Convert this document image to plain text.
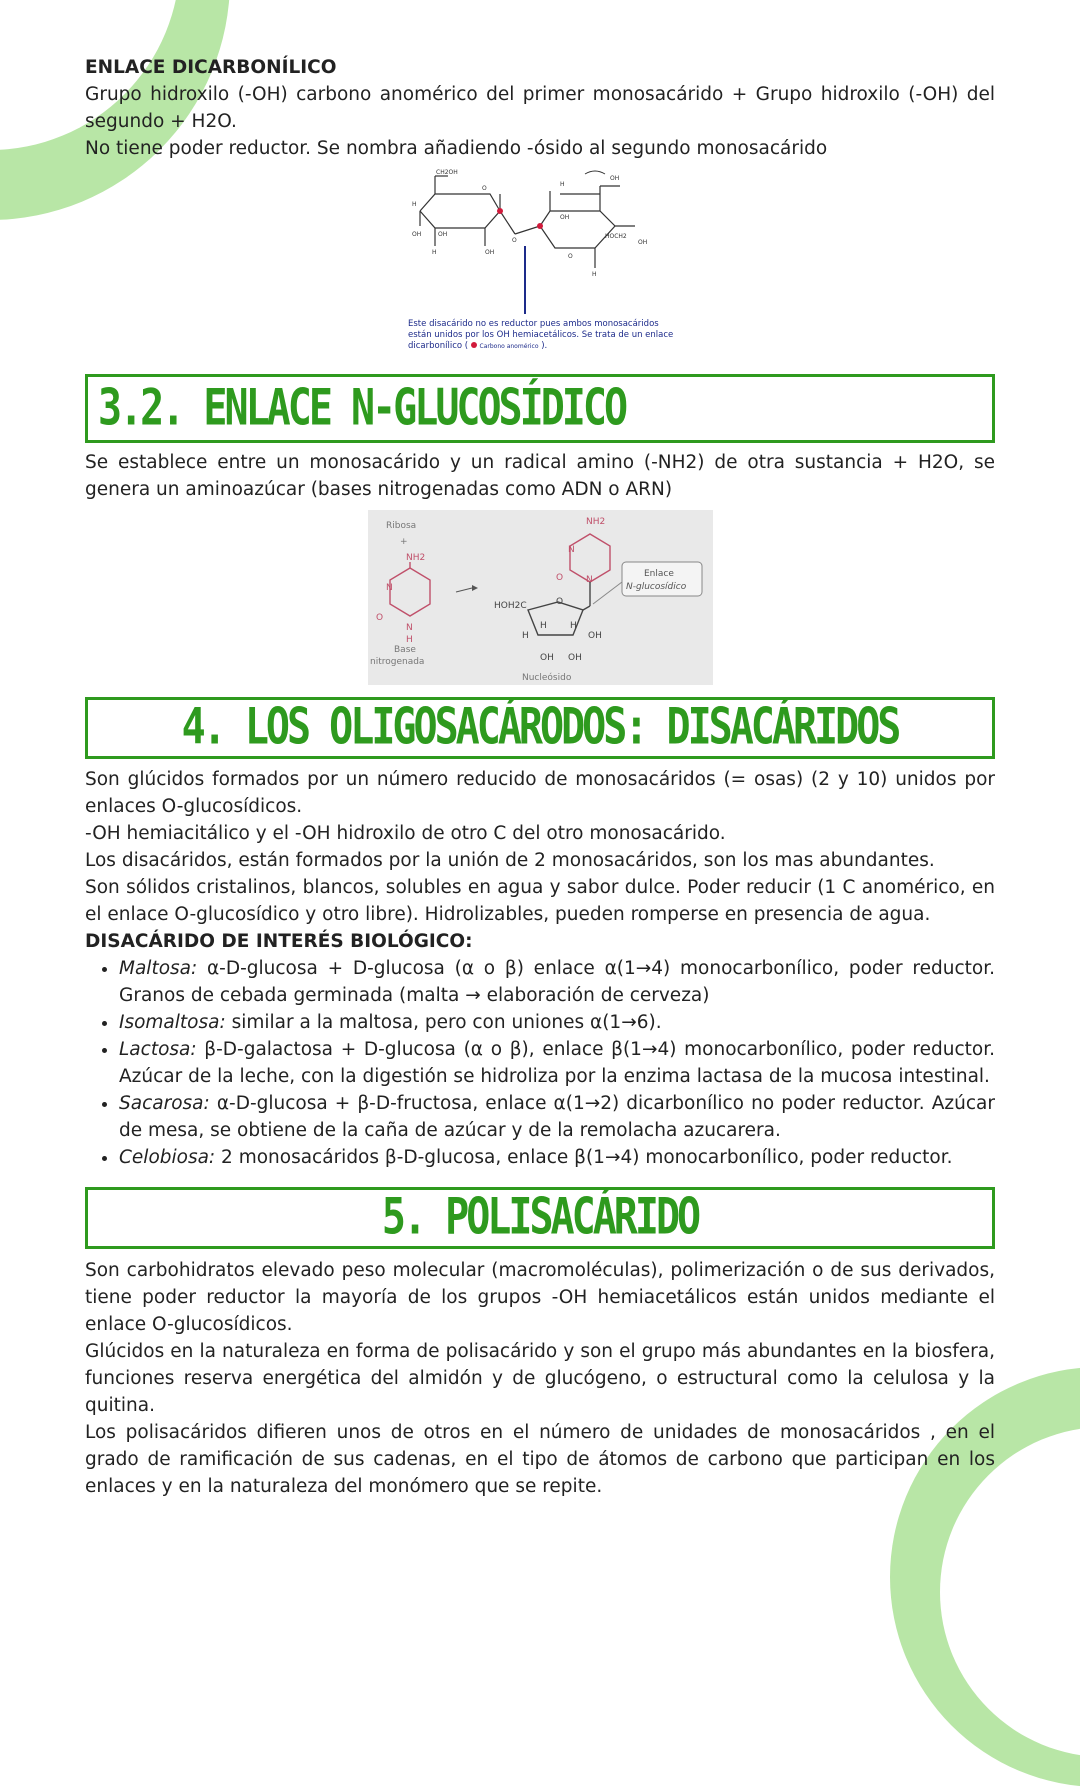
ENLACE DICARBONÍLICO

Grupo hidroxilo (-OH) carbono anomérico del primer monosacárido + Grupo hidroxilo (-OH) del segundo + H2O.

No tiene poder reductor. Se nombra añadiendo -ósido al segundo monosacárido

CH2OH
H
OH	OH
H	OH
O
O
H
OH
OH
HOCH2
OH
O
H
Este disacárido no es reductor pues ambos monosacáridos
están unidos por los OH hemiacetálicos. Se trata de un enlace
dicarbonílico ( Carbono anomérico ).
3.2. ENLACE N-GLUCOSÍDICO

Se establece entre un monosacárido y un radical amino (-NH2) de otra sustancia + H2O, se genera un aminoazúcar (bases nitrogenadas como ADN o ARN)

Ribosa
+
NH2
N
O
N
H
Base
nitrogenada
NH2
N
O	N
HOH2C	O
H
H	H
OH
OH OH
Nucleósido
Enlace
N-glucosídico
4. LOS OLIGOSACÁRODOS: DISACÁRIDOS

Son glúcidos formados por un número reducido de monosacáridos (= osas) (2 y 10) unidos por enlaces O-glucosídicos.

-OH hemiacitálico y el -OH hidroxilo de otro C del otro monosacárido.

Los disacáridos, están formados por la unión de 2 monosacáridos, son los mas abundantes.

Son sólidos cristalinos, blancos, solubles en agua y sabor dulce. Poder reducir (1 C anomérico, en el enlace O-glucosídico y otro libre). Hidrolizables, pueden romperse en presencia de agua.

DISACÁRIDO DE INTERÉS BIOLÓGICO:
• Maltosa: α-D-glucosa + D-glucosa (α o β) enlace α(1→4) monocarbonílico, poder reductor. Granos de cebada germinada (malta → elaboración de cerveza)
• Isomaltosa: similar a la maltosa, pero con uniones α(1→6).
• Lactosa: β-D-galactosa + D-glucosa (α o β), enlace β(1→4) monocarbonílico, poder reductor. Azúcar de la leche, con la digestión se hidroliza por la enzima lactasa de la mucosa intestinal.
• Sacarosa: α-D-glucosa + β-D-fructosa, enlace α(1→2) dicarbonílico no poder reductor. Azúcar de mesa, se obtiene de la caña de azúcar y de la remolacha azucarera.
• Celobiosa: 2 monosacáridos β-D-glucosa, enlace β(1→4) monocarbonílico, poder reductor.
5. POLISACÁRIDO

Son carbohidratos elevado peso molecular (macromoléculas), polimerización o de sus derivados, tiene poder reductor la mayoría de los grupos -OH hemiacetálicos están unidos mediante el enlace O-glucosídicos.

Glúcidos en la naturaleza en forma de polisacárido y son el grupo más abundantes en la biosfera, funciones reserva energética del almidón y de glucógeno, o estructural como la celulosa y la quitina.

Los polisacáridos difieren unos de otros en el número de unidades de monosacáridos , en el grado de ramificación de sus cadenas, en el tipo de átomos de carbono que participan en los enlaces y en la naturaleza del monómero que se repite.
